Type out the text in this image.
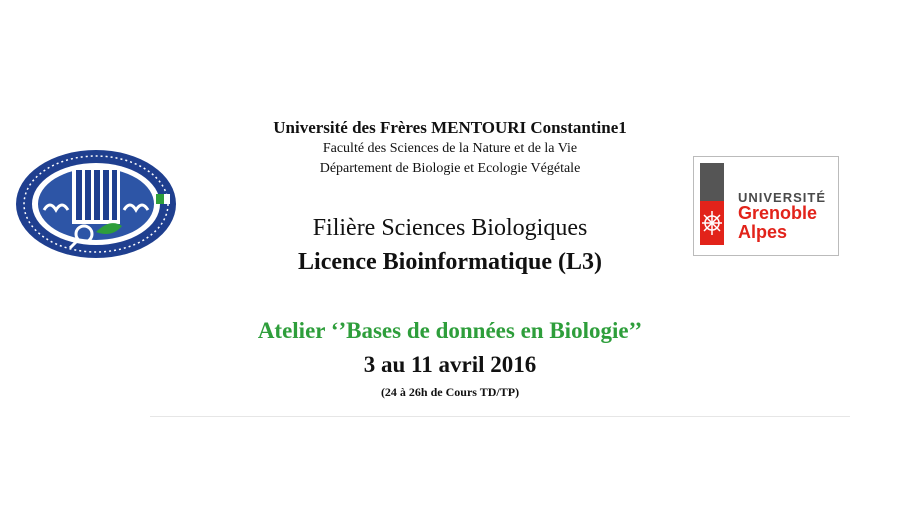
UNIVERSITÉ
Grenoble
Alpes
Université des Frères MENTOURI Constantine1
Faculté des Sciences de la Nature et de la Vie
Département de Biologie et Ecologie Végétale
Filière Sciences Biologiques
Licence Bioinformatique (L3)
Atelier ‘’Bases de données en Biologie’’
3 au 11 avril 2016
(24 à 26h de Cours TD/TP)
